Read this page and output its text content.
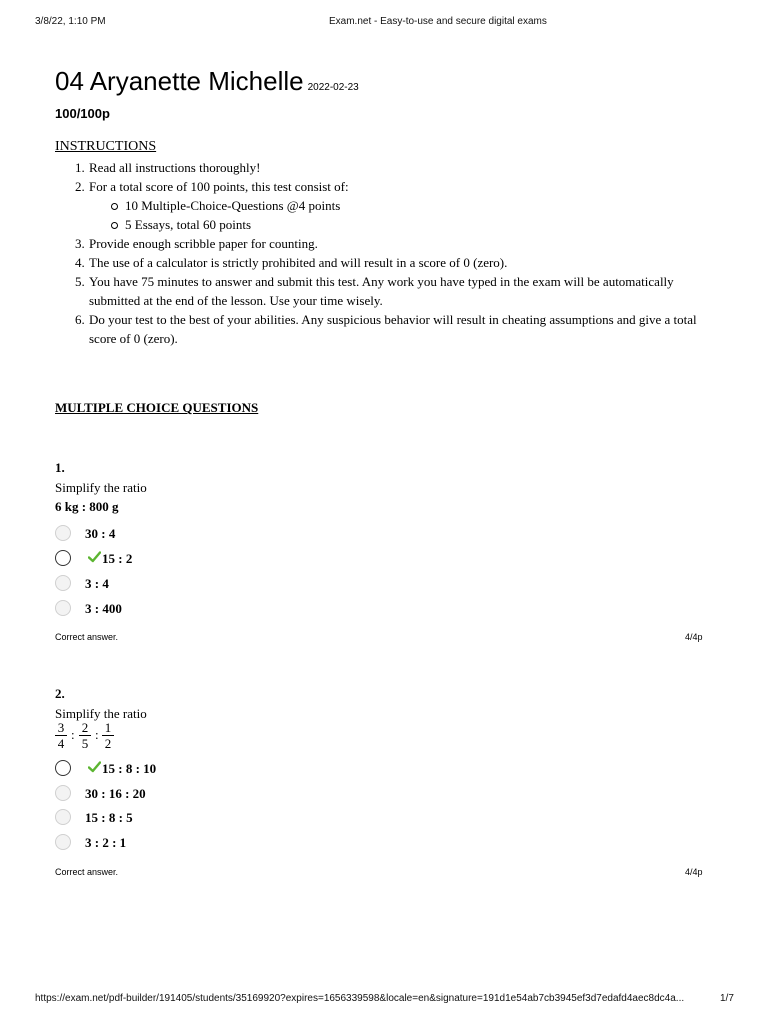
3/8/22, 1:10 PM	Exam.net - Easy-to-use and secure digital exams
04 Aryanette Michelle 2022-02-23
100/100p
INSTRUCTIONS
1. Read all instructions thoroughly!
2. For a total score of 100 points, this test consist of:
10 Multiple-Choice-Questions @4 points
5 Essays, total 60 points
3. Provide enough scribble paper for counting.
4. The use of a calculator is strictly prohibited and will result in a score of 0 (zero).
5. You have 75 minutes to answer and submit this test. Any work you have typed in the exam will be automatically submitted at the end of the lesson. Use your time wisely.
6. Do your test to the best of your abilities. Any suspicious behavior will result in cheating assumptions and give a total score of 0 (zero).
MULTIPLE CHOICE QUESTIONS
1.
Simplify the ratio
6 kg : 800 g
30 : 4
15 : 2
3 : 4
3 : 400
Correct answer.	4/4p
2.
Simplify the ratio
3
4
: 2
5
: 1
2
15 : 8 : 10
30 : 16 : 20
15 : 8 : 5
3 : 2 : 1
Correct answer.	4/4p
https://exam.net/pdf-builder/191405/students/35169920?expires=1656339598&locale=en&signature=191d1e54ab7cb3945ef3d7edafd4aec8dc4a...	1/7
